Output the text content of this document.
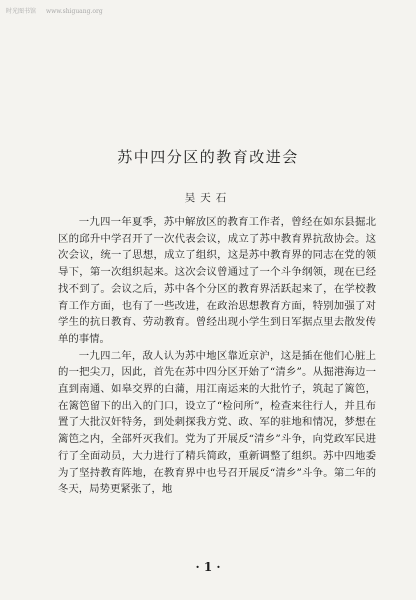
时光图书馆 www.shiguang.org
苏中四分区的教育改进会
吴天石

一九四一年夏季，苏中解放区的教育工作者，曾经在如东县掘北区的邱升中学召开了一次代表会议，成立了苏中教育界抗敌协会。这次会议，统一了思想，成立了组织，这是苏中教育界的同志在党的领导下，第一次组织起来。这次会议曾通过了一个斗争纲领，现在已经找不到了。会议之后，苏中各个分区的教育界活跃起来了，在学校教育工作方面，也有了一些改进，在政治思想教育方面，特别加强了对学生的抗日教育、劳动教育。曾经出现小学生到日军据点里去散发传单的事情。

一九四二年，敌人认为苏中地区靠近京沪，这是插在他们心脏上的一把尖刀，因此，首先在苏中四分区开始了“清乡”。从掘港海边一直到南通、如皋交界的白蒲，用江南运来的大批竹子，筑起了篱笆，在篱笆留下的出入的门口，设立了“检问所”，检查来往行人，并且布置了大批汉奸特务，到处刺探我方党、政、军的驻地和情况，梦想在篱笆之内，全部歼灭我们。党为了开展反“清乡”斗争，向党政军民进行了全面动员，大力进行了精兵简政，重新调整了组织。苏中四地委为了坚持教育阵地，在教育界中也号召开展反“清乡”斗争。第二年的冬天，局势更紧张了，地

· 1 ·
